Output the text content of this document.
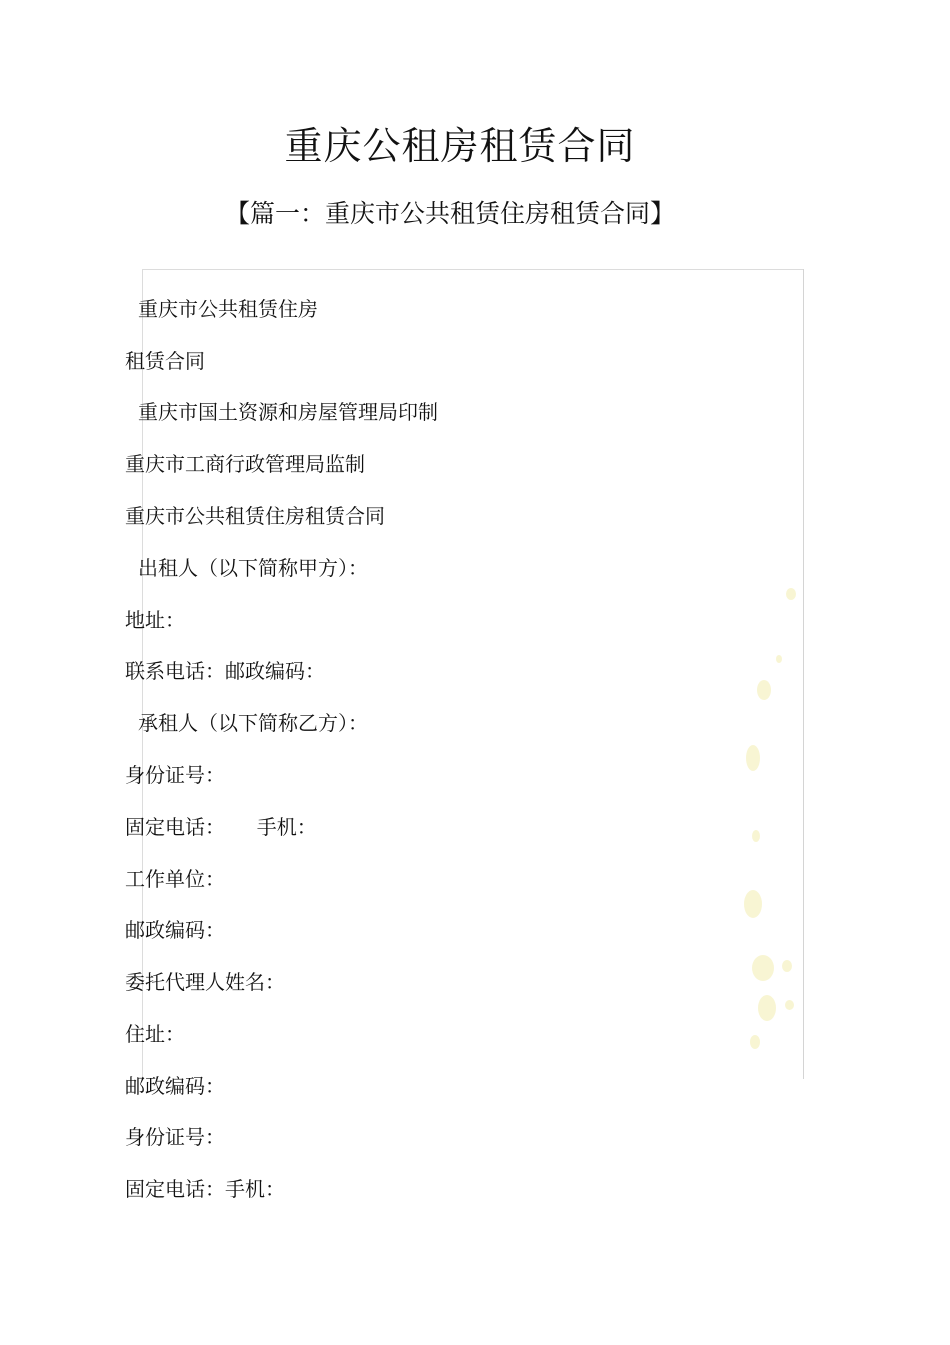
重庆公租房租赁合同
【篇一：重庆市公共租赁住房租赁合同】
重庆市公共租赁住房
租赁合同
重庆市国土资源和房屋管理局印制
重庆市工商行政管理局监制
重庆市公共租赁住房租赁合同
出租人（以下简称甲方）：
地址：
联系电话：邮政编码：
承租人（以下简称乙方）：
身份证号：
固定电话：     手机：
工作单位：
邮政编码：
委托代理人姓名：
住址：
邮政编码：
身份证号：
固定电话：手机：
